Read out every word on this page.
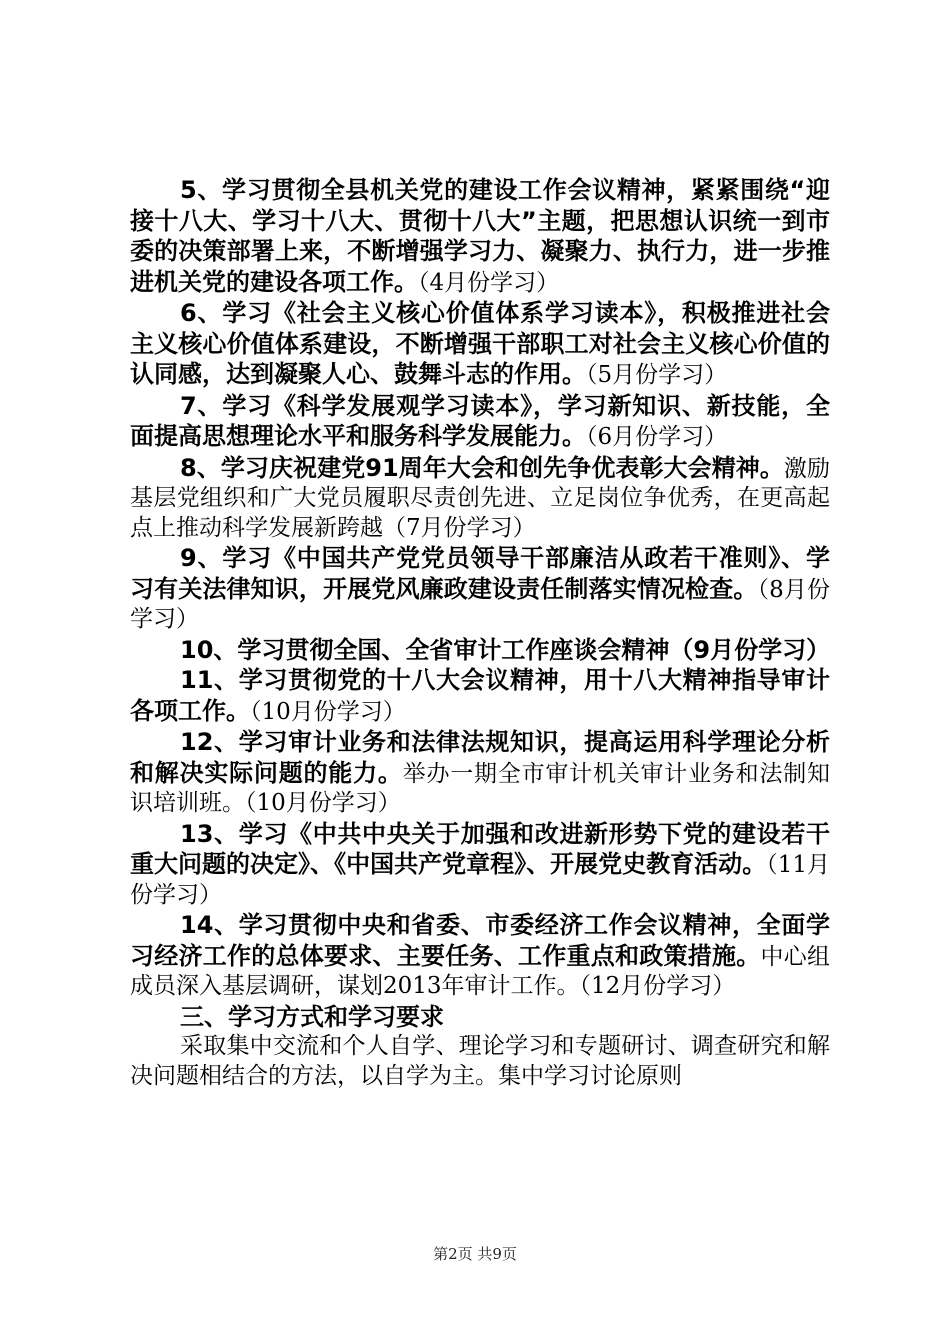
5、学习贯彻全县机关党的建设工作会议精神，紧紧围绕“迎接十八大、学习十八大、贯彻十八大”主题，把思想认识统一到市委的决策部署上来，不断增强学习力、凝聚力、执行力，进一步推进机关党的建设各项工作。（4月份学习）

6、学习《社会主义核心价值体系学习读本》，积极推进社会主义核心价值体系建设，不断增强干部职工对社会主义核心价值的认同感，达到凝聚人心、鼓舞斗志的作用。（5月份学习）

7、学习《科学发展观学习读本》，学习新知识、新技能，全面提高思想理论水平和服务科学发展能力。（6月份学习）

8、学习庆祝建党91周年大会和创先争优表彰大会精神。激励基层党组织和广大党员履职尽责创先进、立足岗位争优秀，在更高起点上推动科学发展新跨越（7月份学习）

9、学习《中国共产党党员领导干部廉洁从政若干准则》、学习有关法律知识，开展党风廉政建设责任制落实情况检查。（8月份学习）

10、学习贯彻全国、全省审计工作座谈会精神（9月份学习）

11、学习贯彻党的十八大会议精神，用十八大精神指导审计各项工作。（10月份学习）

12、学习审计业务和法律法规知识，提高运用科学理论分析和解决实际问题的能力。举办一期全市审计机关审计业务和法制知识培训班。（10月份学习）

13、学习《中共中央关于加强和改进新形势下党的建设若干重大问题的决定》、《中国共产党章程》、开展党史教育活动。（11月份学习）

14、学习贯彻中央和省委、市委经济工作会议精神，全面学习经济工作的总体要求、主要任务、工作重点和政策措施。中心组成员深入基层调研，谋划2013年审计工作。（12月份学习）

三、学习方式和学习要求

采取集中交流和个人自学、理论学习和专题研讨、调查研究和解决问题相结合的方法，以自学为主。集中学习讨论原则

第2页 共9页
